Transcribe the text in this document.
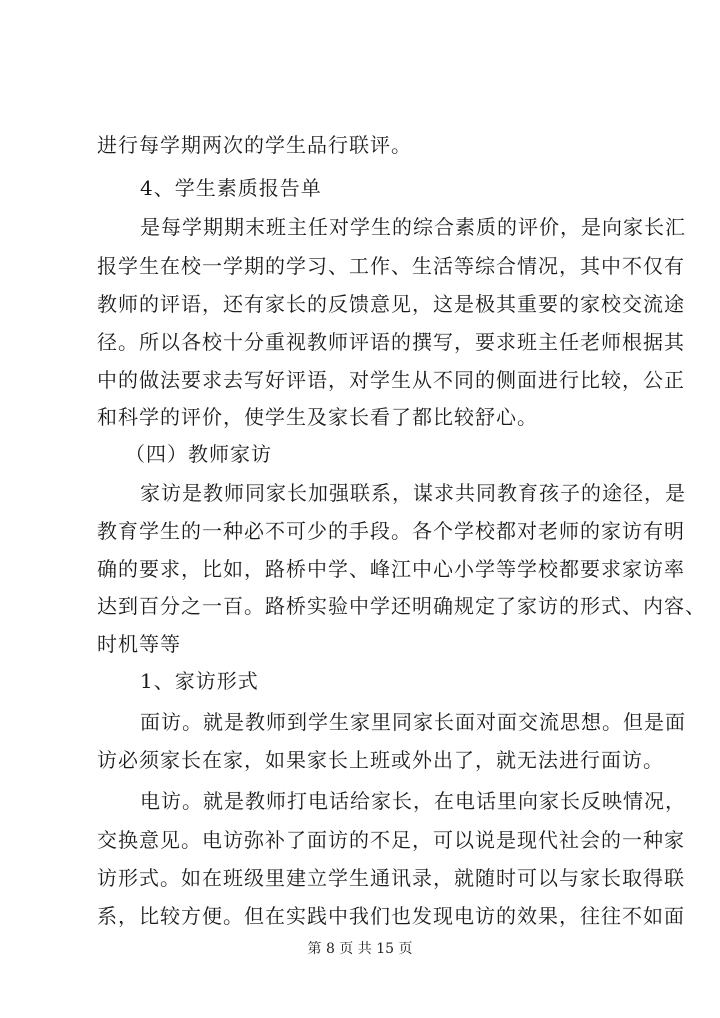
进行每学期两次的学生品行联评。
4、学生素质报告单
是每学期期末班主任对学生的综合素质的评价，是向家长汇
报学生在校一学期的学习、工作、生活等综合情况，其中不仅有
教师的评语，还有家长的反馈意见，这是极其重要的家校交流途
径。所以各校十分重视教师评语的撰写，要求班主任老师根据其
中的做法要求去写好评语，对学生从不同的侧面进行比较，公正
和科学的评价，使学生及家长看了都比较舒心。
（四）教师家访
家访是教师同家长加强联系，谋求共同教育孩子的途径，是
教育学生的一种必不可少的手段。各个学校都对老师的家访有明
确的要求，比如，路桥中学、峰江中心小学等学校都要求家访率
达到百分之一百。路桥实验中学还明确规定了家访的形式、内容、
时机等等
1、家访形式
面访。就是教师到学生家里同家长面对面交流思想。但是面
访必须家长在家，如果家长上班或外出了，就无法进行面访。
电访。就是教师打电话给家长，在电话里向家长反映情况，
交换意见。电访弥补了面访的不足，可以说是现代社会的一种家
访形式。如在班级里建立学生通讯录，就随时可以与家长取得联
系，比较方便。但在实践中我们也发现电访的效果，往往不如面
第 8 页 共 15 页
